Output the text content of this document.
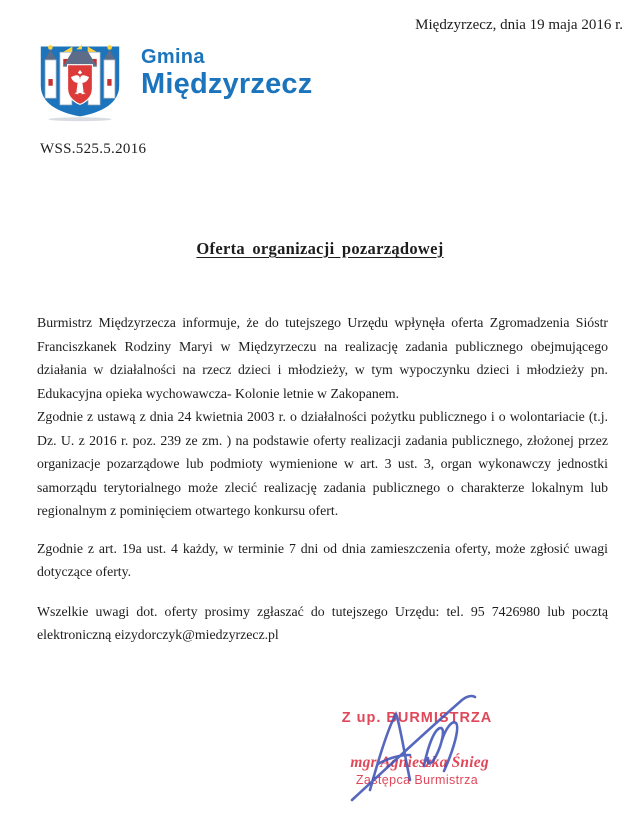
Międzyrzecz, dnia 19 maja 2016 r.
Gmina
Międzyrzecz
WSS.525.5.2016
Oferta organizacji pozarządowej

Burmistrz Międzyrzecza informuje, że do tutejszego Urzędu wpłynęła oferta Zgromadzenia Sióstr Franciszkanek Rodziny Maryi w Międzyrzeczu na realizację zadania publicznego obejmującego działania w działalności na rzecz dzieci i młodzieży, w tym wypoczynku dzieci i młodzieży pn. Edukacyjna opieka wychowawcza- Kolonie letnie w Zakopanem.

Zgodnie z ustawą z dnia 24 kwietnia 2003 r. o działalności pożytku publicznego i o wolontariacie (t.j. Dz. U. z 2016 r. poz. 239 ze zm. ) na podstawie oferty realizacji zadania publicznego, złożonej przez organizacje pozarządowe lub podmioty wymienione w art. 3 ust. 3, organ wykonawczy jednostki samorządu terytorialnego może zlecić realizację zadania publicznego o charakterze lokalnym lub regionalnym z pominięciem otwartego konkursu ofert.

Zgodnie z art. 19a ust. 4 każdy, w terminie 7 dni od dnia zamieszczenia oferty, może zgłosić uwagi dotyczące oferty.

Wszelkie uwagi dot. oferty prosimy zgłaszać do tutejszego Urzędu: tel. 95 7426980 lub pocztą elektroniczną eizydorczyk@miedzyrzecz.pl

Z up. BURMISTRZA
mgr Agnieszka Śnieg
Zastępca Burmistrza
